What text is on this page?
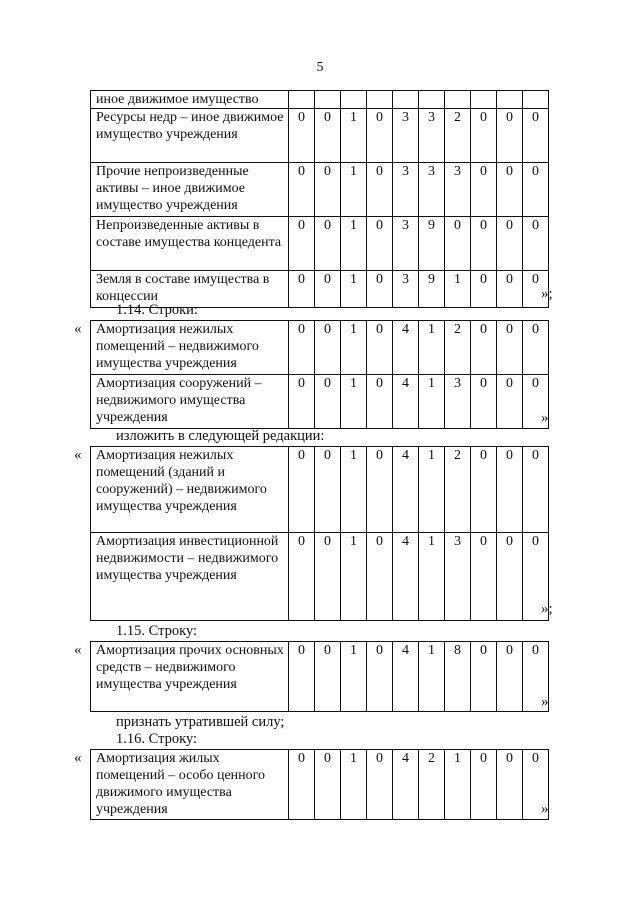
5
иное движимое имущество										
Ресурсы недр – иное движимое имущество учреждения	0	0	1	0	3	3	2	0	0	0
Прочие непроизведенные активы – иное движимое имущество учреждения	0	0	1	0	3	3	3	0	0	0
Непроизведенные активы в составе имущества концедента	0	0	1	0	3	9	0	0	0	0
Земля в составе имущества в концессии	0	0	1	0	3	9	1	0	0	0
»;
1.14. Строки:
« Амортизация нежилых помещений – недвижимого имущества учреждения	0	0	1	0	4	1	2	0	0	0
Амортизация сооружений – недвижимого имущества учреждения	0	0	1	0	4	1	3	0	0	0
»
изложить в следующей редакции:
« Амортизация нежилых помещений (зданий и сооружений) – недвижимого имущества учреждения	0	0	1	0	4	1	2	0	0	0
Амортизация инвестиционной недвижимости – недвижимого имущества учреждения	0	0	1	0	4	1	3	0	0	0
»;
1.15. Строку:
« Амортизация прочих основных средств – недвижимого имущества учреждения	0	0	1	0	4	1	8	0	0	0
»
признать утратившей силу;
1.16. Строку:
« Амортизация жилых помещений – особо ценного движимого имущества учреждения	0	0	1	0	4	2	1	0	0	0
»
